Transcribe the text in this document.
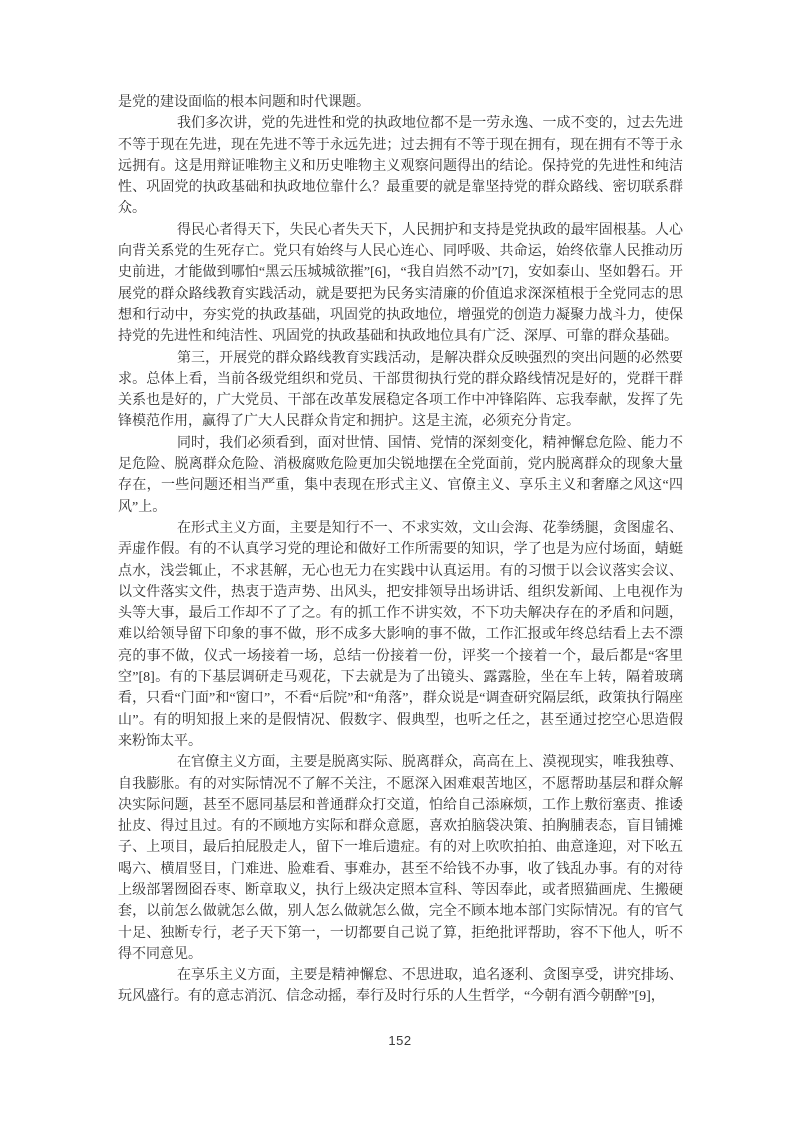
是党的建设面临的根本问题和时代课题。

我们多次讲，党的先进性和党的执政地位都不是一劳永逸、一成不变的，过去先进不等于现在先进，现在先进不等于永远先进；过去拥有不等于现在拥有，现在拥有不等于永远拥有。这是用辩证唯物主义和历史唯物主义观察问题得出的结论。保持党的先进性和纯洁性、巩固党的执政基础和执政地位靠什么？最重要的就是靠坚持党的群众路线、密切联系群众。

得民心者得天下，失民心者失天下，人民拥护和支持是党执政的最牢固根基。人心向背关系党的生死存亡。党只有始终与人民心连心、同呼吸、共命运，始终依靠人民推动历史前进，才能做到哪怕“黑云压城城欲摧”[6]，“我自岿然不动”[7]，安如泰山、坚如磐石。开展党的群众路线教育实践活动，就是要把为民务实清廉的价值追求深深植根于全党同志的思想和行动中，夯实党的执政基础，巩固党的执政地位，增强党的创造力凝聚力战斗力，使保持党的先进性和纯洁性、巩固党的执政基础和执政地位具有广泛、深厚、可靠的群众基础。

第三，开展党的群众路线教育实践活动，是解决群众反映强烈的突出问题的必然要求。总体上看，当前各级党组织和党员、干部贯彻执行党的群众路线情况是好的，党群干群关系也是好的，广大党员、干部在改革发展稳定各项工作中冲锋陷阵、忘我奉献，发挥了先锋模范作用，赢得了广大人民群众肯定和拥护。这是主流，必须充分肯定。

同时，我们必须看到，面对世情、国情、党情的深刻变化，精神懈怠危险、能力不足危险、脱离群众危险、消极腐败危险更加尖锐地摆在全党面前，党内脱离群众的现象大量存在，一些问题还相当严重，集中表现在形式主义、官僚主义、享乐主义和奢靡之风这“四风”上。

在形式主义方面，主要是知行不一、不求实效，文山会海、花拳绣腿，贪图虚名、弄虚作假。有的不认真学习党的理论和做好工作所需要的知识，学了也是为应付场面，蜻蜓点水，浅尝辄止，不求甚解，无心也无力在实践中认真运用。有的习惯于以会议落实会议、以文件落实文件，热衷于造声势、出风头，把安排领导出场讲话、组织发新闻、上电视作为头等大事，最后工作却不了了之。有的抓工作不讲实效，不下功夫解决存在的矛盾和问题，难以给领导留下印象的事不做，形不成多大影响的事不做，工作汇报或年终总结看上去不漂亮的事不做，仪式一场接着一场，总结一份接着一份，评奖一个接着一个，最后都是“客里空”[8]。有的下基层调研走马观花，下去就是为了出镜头、露露脸，坐在车上转，隔着玻璃看，只看“门面”和“窗口”，不看“后院”和“角落”，群众说是“调查研究隔层纸，政策执行隔座山”。有的明知报上来的是假情况、假数字、假典型，也听之任之，甚至通过挖空心思造假来粉饰太平。

在官僚主义方面，主要是脱离实际、脱离群众，高高在上、漠视现实，唯我独尊、自我膨胀。有的对实际情况不了解不关注，不愿深入困难艰苦地区，不愿帮助基层和群众解决实际问题，甚至不愿同基层和普通群众打交道，怕给自己添麻烦，工作上敷衍塞责、推诿扯皮、得过且过。有的不顾地方实际和群众意愿，喜欢拍脑袋决策、拍胸脯表态，盲目铺摊子、上项目，最后拍屁股走人，留下一堆后遗症。有的对上吹吹拍拍、曲意逢迎，对下吆五喝六、横眉竖目，门难进、脸难看、事难办，甚至不给钱不办事，收了钱乱办事。有的对待上级部署囫囵吞枣、断章取义，执行上级决定照本宣科、等因奉此，或者照猫画虎、生搬硬套，以前怎么做就怎么做，别人怎么做就怎么做，完全不顾本地本部门实际情况。有的官气十足、独断专行，老子天下第一，一切都要自己说了算，拒绝批评帮助，容不下他人，听不得不同意见。

在享乐主义方面，主要是精神懈怠、不思进取，追名逐利、贪图享受，讲究排场、玩风盛行。有的意志消沉、信念动摇，奉行及时行乐的人生哲学，“今朝有酒今朝醉”[9]，

152
